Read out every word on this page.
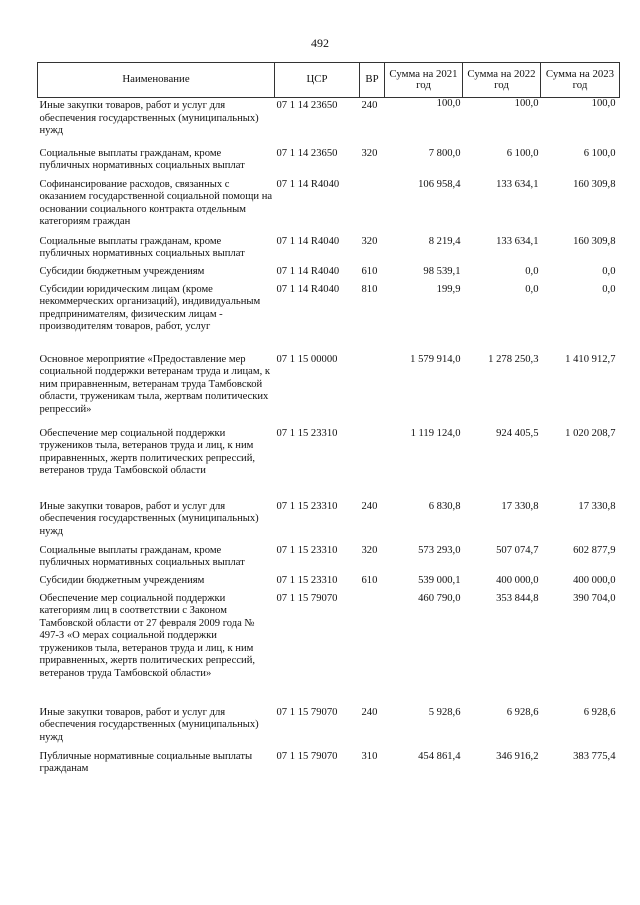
492
Наименование	ЦСР	ВР	Сумма на 2021 год	Сумма на 2022 год	Сумма на 2023 год
Иные закупки товаров, работ и услуг для обеспечения государственных (муниципальных) нужд	07 1 14 23650	240	100,0	100,0	100,0
Социальные выплаты гражданам, кроме публичных нормативных социальных выплат	07 1 14 23650	320	7 800,0	6 100,0	6 100,0
Софинансирование расходов, связанных с оказанием государственной социальной помощи на основании социального контракта отдельным категориям граждан	07 1 14 R4040		106 958,4	133 634,1	160 309,8
Социальные выплаты гражданам, кроме публичных нормативных социальных выплат	07 1 14 R4040	320	8 219,4	133 634,1	160 309,8
Субсидии бюджетным учреждениям	07 1 14 R4040	610	98 539,1	0,0	0,0
Субсидии юридическим лицам (кроме некоммерческих организаций), индивидуальным предпринимателям, физическим лицам - производителям товаров, работ, услуг	07 1 14 R4040	810	199,9	0,0	0,0
Основное мероприятие «Предоставление мер социальной поддержки ветеранам труда и лицам, к ним приравненным, ветеранам труда Тамбовской области, труженикам тыла, жертвам политических репрессий»	07 1 15 00000		1 579 914,0	1 278 250,3	1 410 912,7
Обеспечение мер социальной поддержки тружеников тыла, ветеранов труда и лиц, к ним приравненных, жертв политических репрессий, ветеранов труда Тамбовской области	07 1 15 23310		1 119 124,0	924 405,5	1 020 208,7
Иные закупки товаров, работ и услуг для обеспечения государственных (муниципальных) нужд	07 1 15 23310	240	6 830,8	17 330,8	17 330,8
Социальные выплаты гражданам, кроме публичных нормативных социальных выплат	07 1 15 23310	320	573 293,0	507 074,7	602 877,9
Субсидии бюджетным учреждениям	07 1 15 23310	610	539 000,1	400 000,0	400 000,0
Обеспечение мер социальной поддержки категориям лиц в соответствии с Законом Тамбовской области от 27 февраля 2009 года № 497-З «О мерах социальной поддержки тружеников тыла, ветеранов труда и лиц, к ним приравненных, жертв политических репрессий, ветеранов труда Тамбовской области»	07 1 15 79070		460 790,0	353 844,8	390 704,0
Иные закупки товаров, работ и услуг для обеспечения государственных (муниципальных) нужд	07 1 15 79070	240	5 928,6	6 928,6	6 928,6
Публичные нормативные социальные выплаты гражданам	07 1 15 79070	310	454 861,4	346 916,2	383 775,4
